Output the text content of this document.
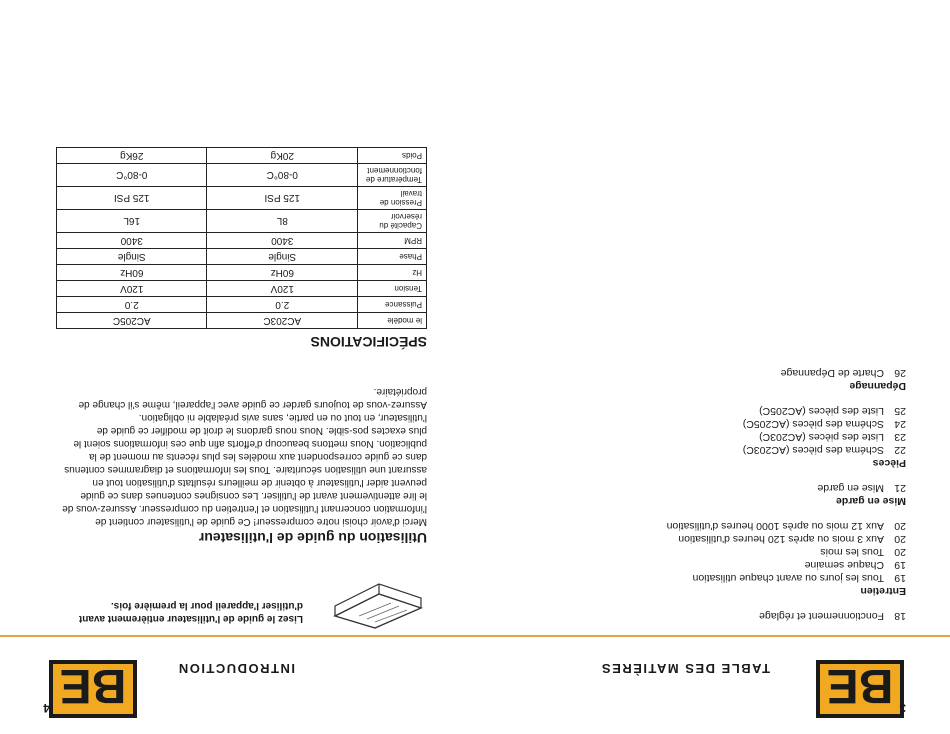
BE
TABLE DES MATIÈRES
3
18
Fonctionnement et réglage
Entretien
19
Tous les jours ou avant chaque utilisation
19
Chaque semaine
20
Tous les mois
20
Aux 3 mois ou après 120 heures d'utilisation
20
Aux 12 mois ou après 1000 heures d'utilisation
Mise en garde
21
Mise en garde
Pièces
22
Schéma des pièces (AC203C)
23
Liste des pièces (AC203C)
24
Schéma des pièces (AC205C)
25
Liste des pièces (AC205C)
Dépannage
26
Charte de Dépannage
BE	INTRODUCTION
4
Lisez le guide de l'utilisateur entièrement avant d'utiliser l'appareil pour la première fois.
Utilisation du guide de l'utilisateur

Merci d'avoir choisi notre compresseur! Ce guide de l'utilisateur contient de l'information concernant l'utilisation et l'entretien du compresseur. Assurez-vous de le lire attentivement avant de l'utiliser. Les consignes contenues dans ce guide peuvent aider l'utilisateur à obtenir de meilleurs résultats d'utilisation tout en assurant une utilisation sécuritaire. Tous les informations et diagrammes contenus dans ce guide correspondent aux modèles les plus récents au moment de la publication. Nous mettons beaucoup d'efforts afin que ces informations soient le plus exactes pos-sible. Nous nous gardons le droit de modifier ce guide de l'utilisateur, en tout ou en partie, sans avis préalable ni obligation.

Assurez-vous de toujours garder ce guide avec l'appareil, même s'il change de propriétaire.

SPÉCIFICATIONS
le modèle	AC203C	AC205C
Puissance	2.0	2.0
Tension	120V	120V
Hz	60Hz	60Hz
Phase	Single	Single
RPM	3400	3400
Capacité du réservoir	8L	16L
Pression de travail	125 PSI	125 PSI
Température de fonctionnement	0-80°C	0-80°C
Poids	20Kg	26Kg
